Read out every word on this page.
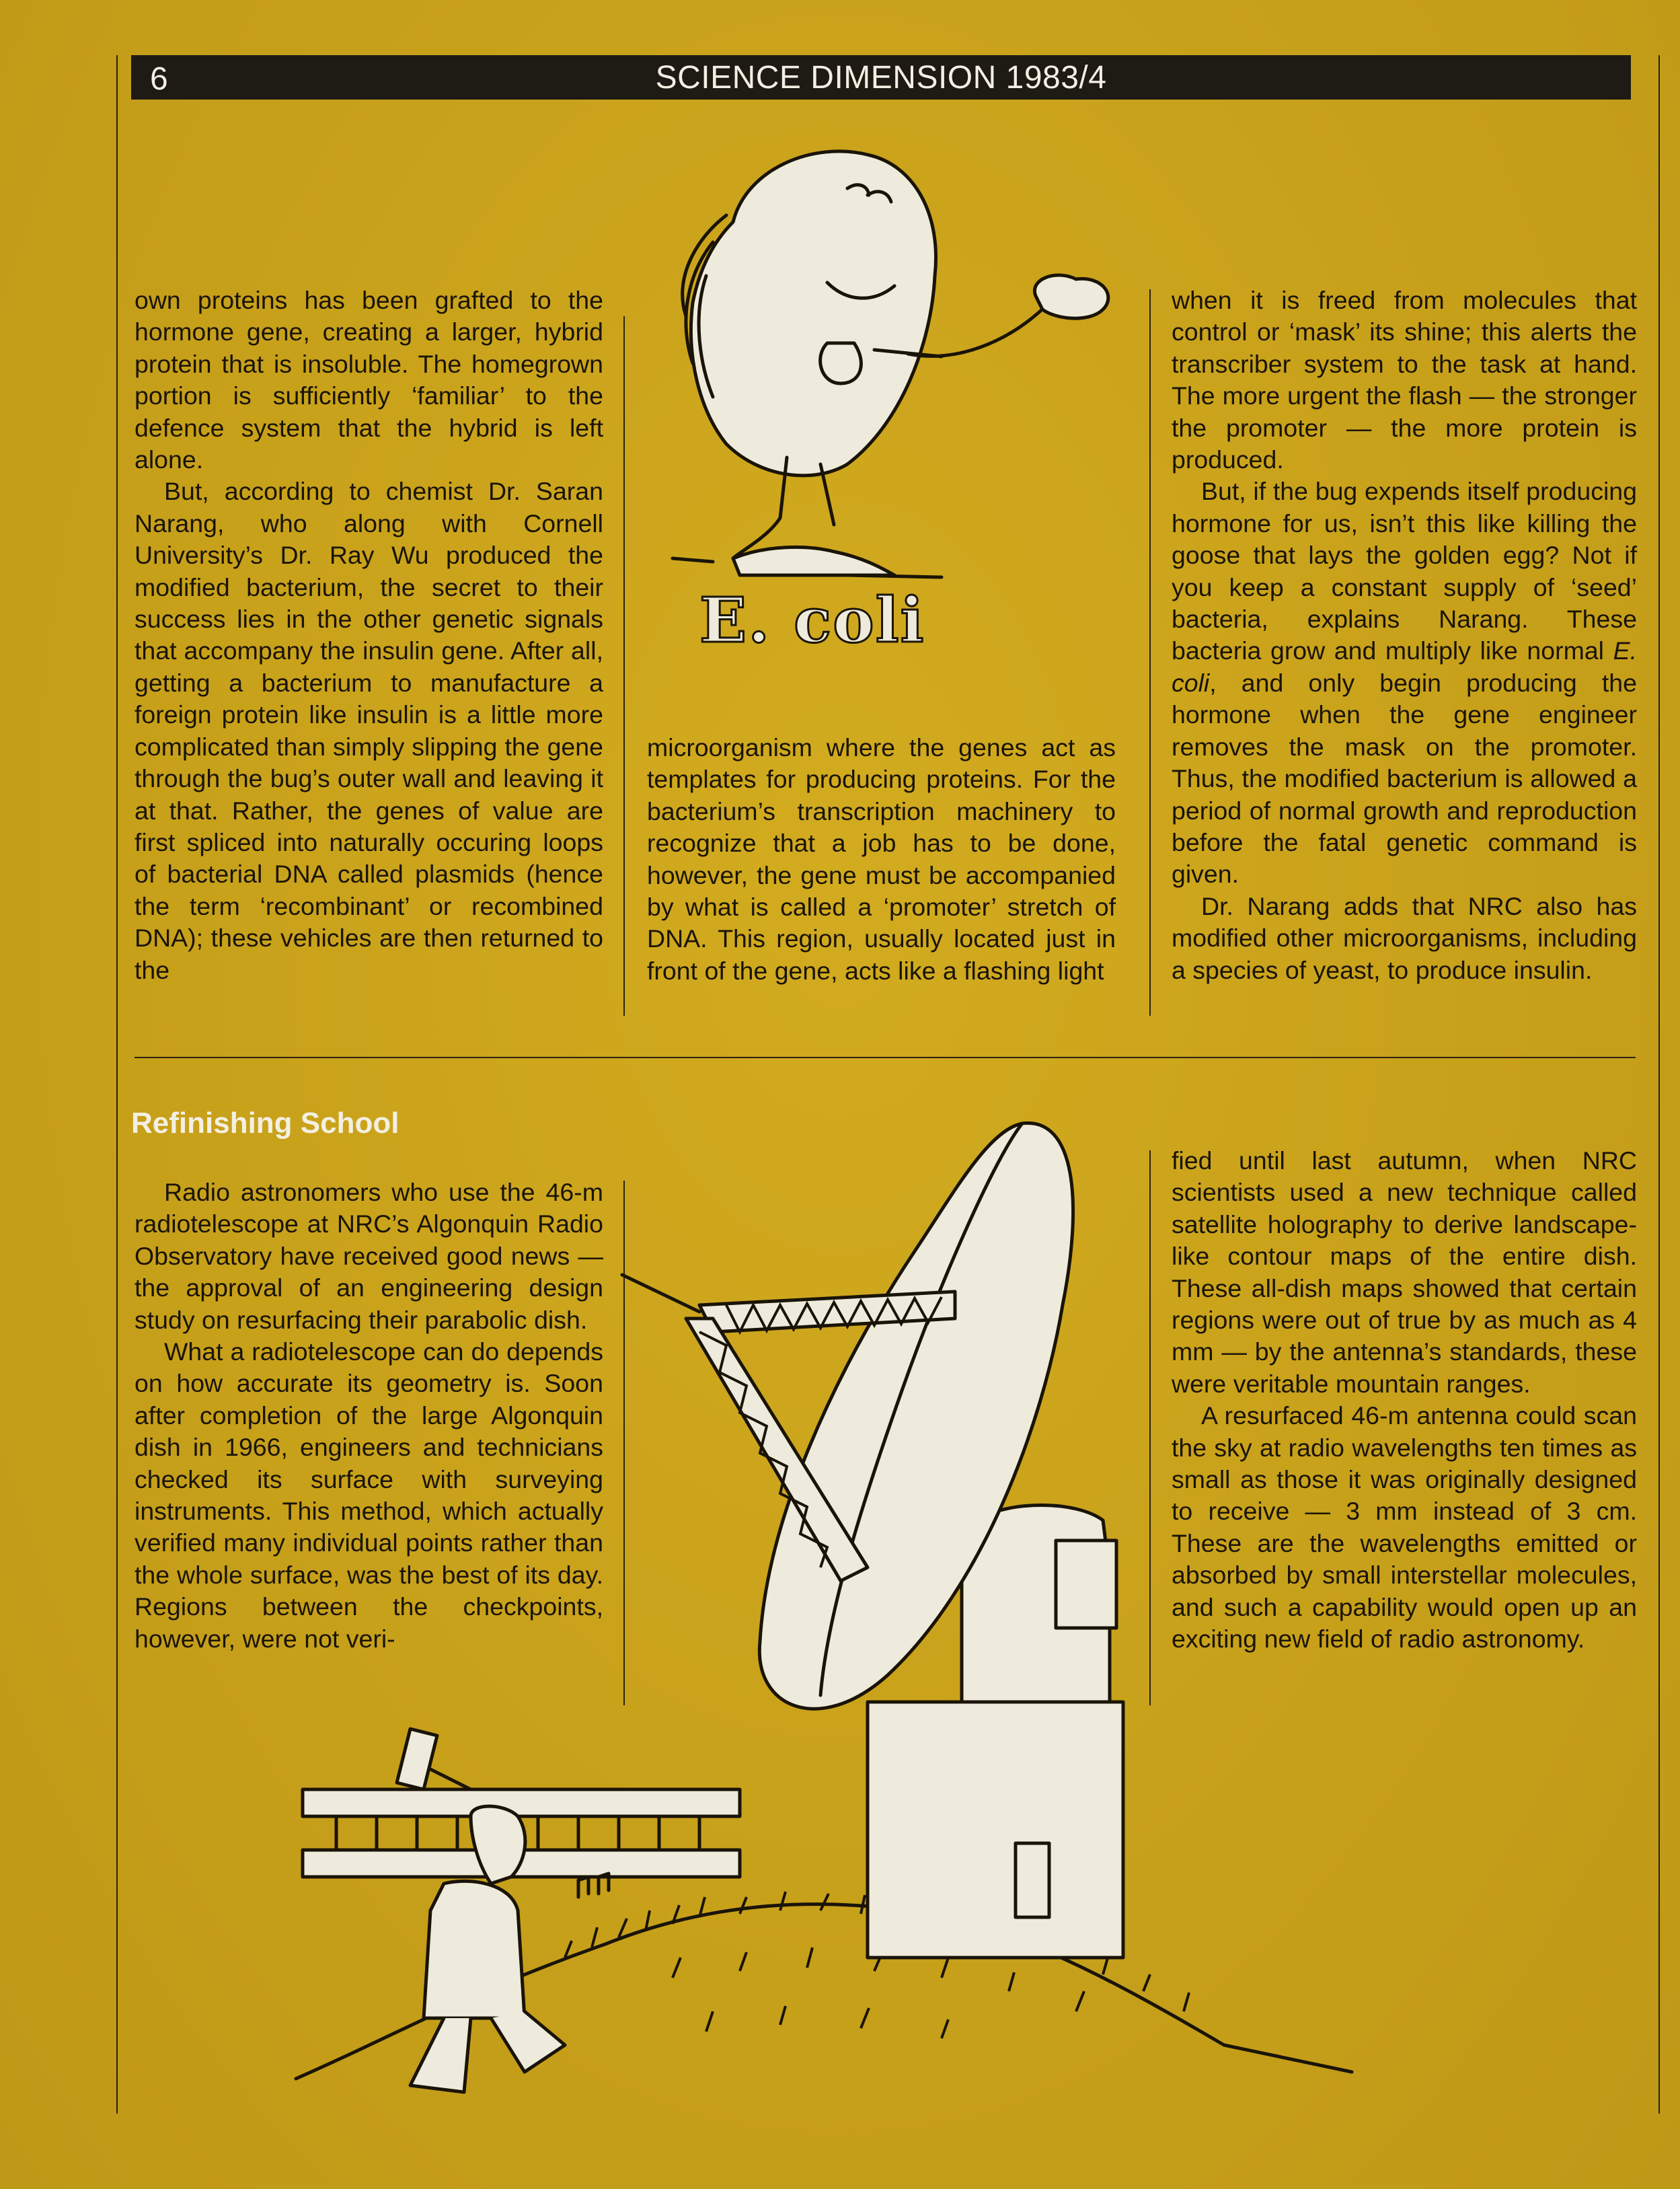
6	SCIENCE DIMENSION 1983/4

own proteins has been grafted to the hormone gene, creating a larger, hybrid protein that is insoluble. The homegrown portion is sufficiently ‘familiar’ to the defence system that the hybrid is left alone.

But, according to chemist Dr. Saran Narang, who along with Cornell University’s Dr. Ray Wu produced the modified bacterium, the secret to their success lies in the other genetic signals that accompany the insulin gene. After all, getting a bacterium to manufacture a foreign protein like insulin is a little more complicated than simply slipping the gene through the bug’s outer wall and leaving it at that. Rather, the genes of value are first spliced into naturally occuring loops of bacterial DNA called plasmids (hence the term ‘recombinant’ or recombined DNA); these vehicles are then returned to the

microorganism where the genes act as templates for producing proteins. For the bacterium’s transcription machinery to recognize that a job has to be done, however, the gene must be accompanied by what is called a ‘promoter’ stretch of DNA. This region, usually located just in front of the gene, acts like a flashing light

when it is freed from molecules that control or ‘mask’ its shine; this alerts the transcriber system to the task at hand. The more urgent the flash — the stronger the promoter — the more protein is produced.

But, if the bug expends itself producing hormone for us, isn’t this like killing the goose that lays the golden egg? Not if you keep a constant supply of ‘seed’ bacteria, explains Narang. These bacteria grow and multiply like normal E. coli, and only begin producing the hormone when the gene engineer removes the mask on the promoter. Thus, the modified bacterium is allowed a period of normal growth and reproduction before the fatal genetic command is given.

Dr. Narang adds that NRC also has modified other microorganisms, including a species of yeast, to produce insulin.

E. coli
Refinishing School

Radio astronomers who use the 46-m radiotelescope at NRC’s Algonquin Radio Observatory have received good news — the approval of an engineering design study on resurfacing their parabolic dish.

What a radiotelescope can do depends on how accurate its geometry is. Soon after completion of the large Algonquin dish in 1966, engineers and technicians checked its surface with surveying instruments. This method, which actually verified many individual points rather than the whole surface, was the best of its day. Regions between the checkpoints, however, were not veri-

fied until last autumn, when NRC scientists used a new technique called satellite holography to derive landscape-like contour maps of the entire dish. These all-dish maps showed that certain regions were out of true by as much as 4 mm — by the antenna’s standards, these were veritable mountain ranges.

A resurfaced 46-m antenna could scan the sky at radio wavelengths ten times as small as those it was originally designed to receive — 3 mm instead of 3 cm. These are the wavelengths emitted or absorbed by small interstellar molecules, and such a capability would open up an exciting new field of radio astronomy.
